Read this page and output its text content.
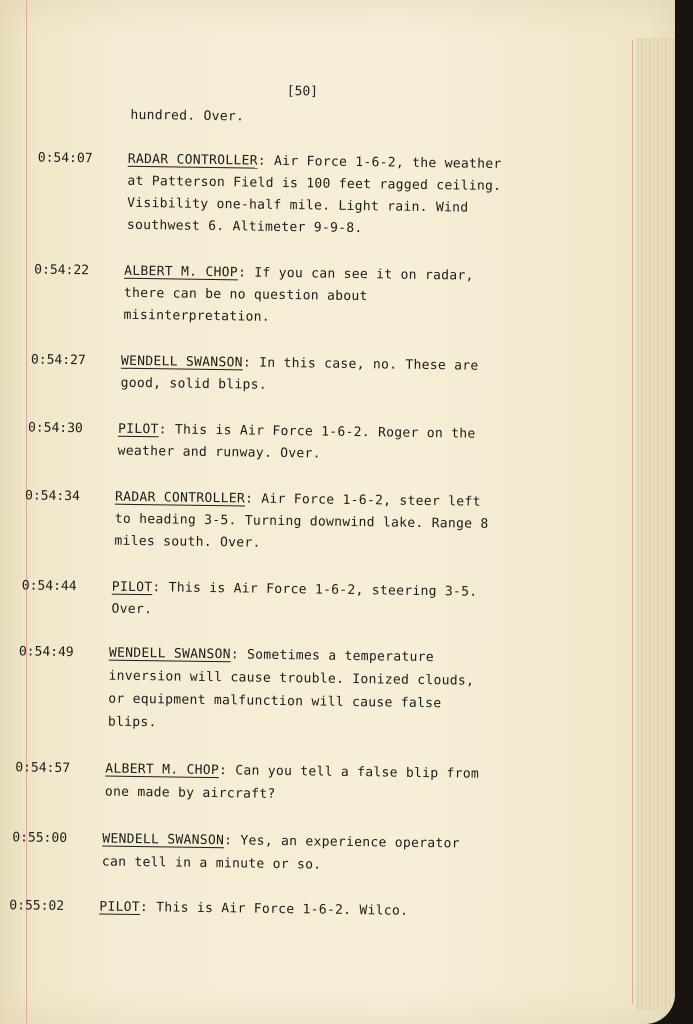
[50]
hundred. Over.
0:54:07	RADAR CONTROLLER: Air Force 1-6-2, the weather
at Patterson Field is 100 feet ragged ceiling.
Visibility one-half mile. Light rain. Wind
southwest 6. Altimeter 9-9-8.
0:54:22	ALBERT M. CHOP: If you can see it on radar,
there can be no question about
misinterpretation.
0:54:27	WENDELL SWANSON: In this case, no. These are
good, solid blips.
0:54:30	PILOT: This is Air Force 1-6-2. Roger on the
weather and runway. Over.
0:54:34	RADAR CONTROLLER: Air Force 1-6-2, steer left
to heading 3-5. Turning downwind lake. Range 8
miles south. Over.
0:54:44	PILOT: This is Air Force 1-6-2, steering 3-5.
Over.
0:54:49	WENDELL SWANSON: Sometimes a temperature
inversion will cause trouble. Ionized clouds,
or equipment malfunction will cause false
blips.
0:54:57	ALBERT M. CHOP: Can you tell a false blip from
one made by aircraft?
0:55:00	WENDELL SWANSON: Yes, an experience operator
can tell in a minute or so.
0:55:02	PILOT: This is Air Force 1-6-2. Wilco.
